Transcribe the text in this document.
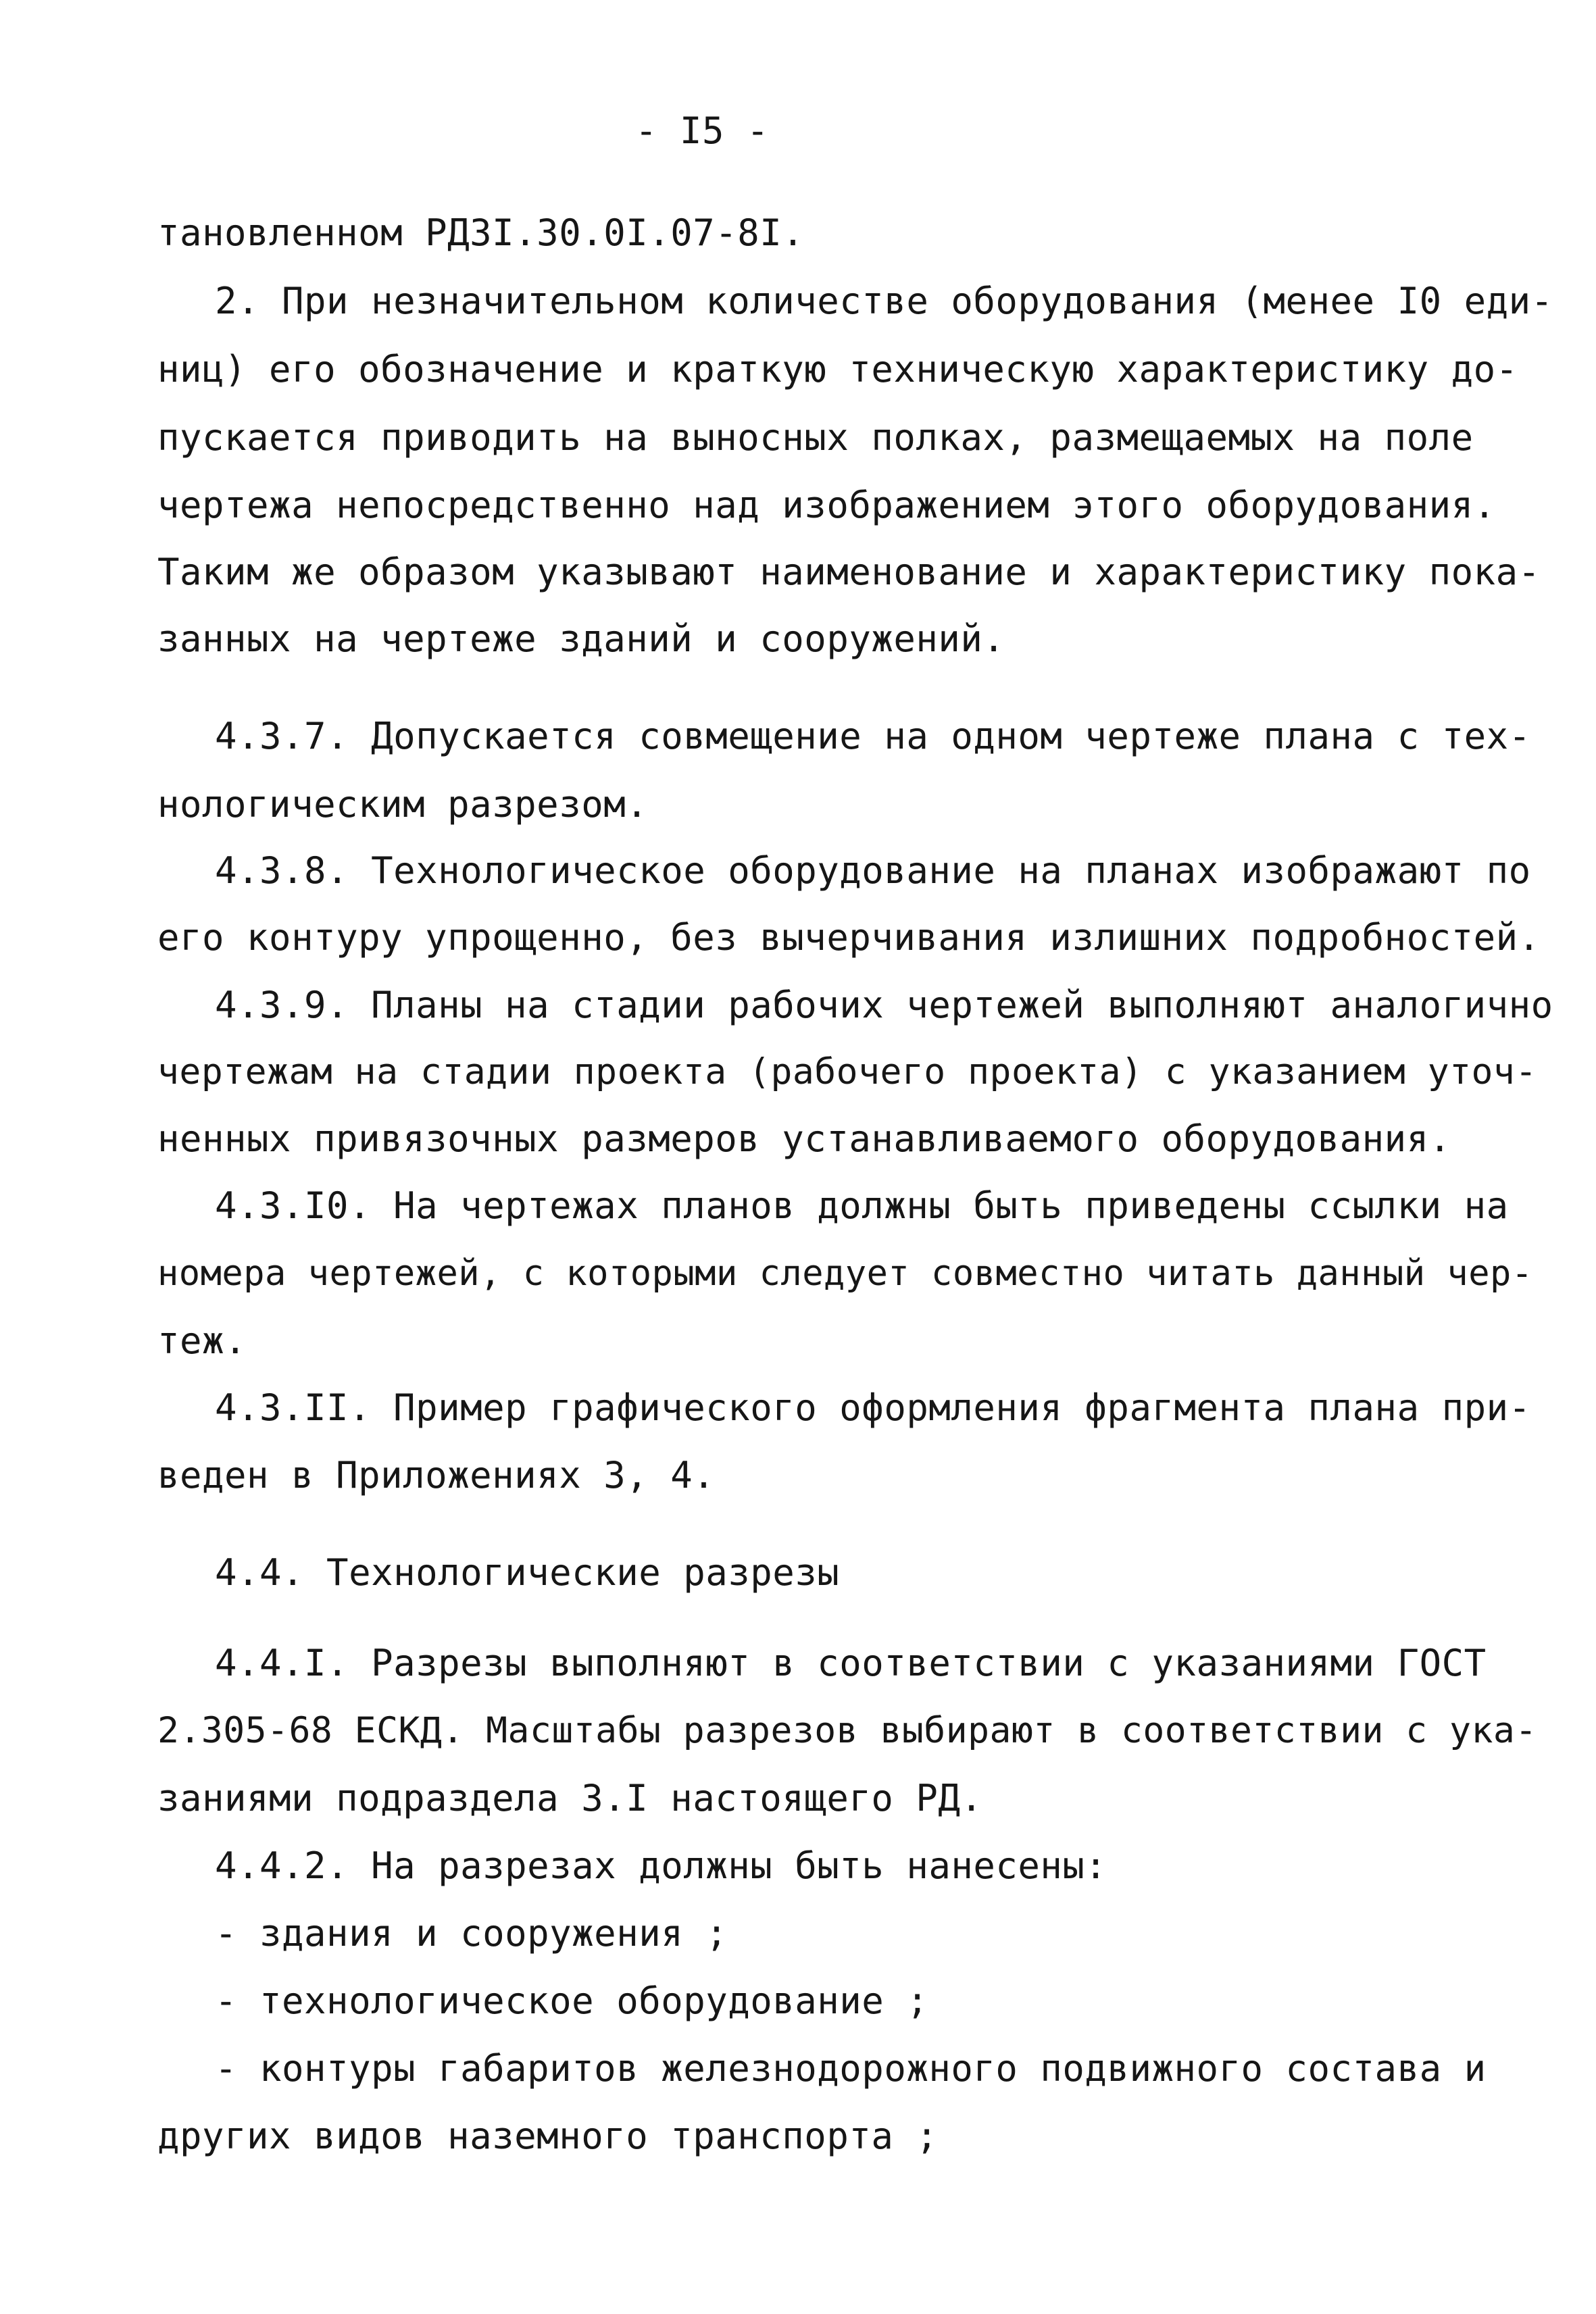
- I5 -
тановленном РДЗI.30.0I.07-8I.
2. При незначительном количестве оборудования (менее I0 еди-
ниц) его обозначение и краткую техническую характеристику до-
пускается приводить на выносных полках, размещаемых на поле
чертежа непосредственно над изображением этого оборудования.
Таким же образом указывают наименование и характеристику пока-
занных на чертеже зданий и сооружений.
4.3.7. Допускается совмещение на одном чертеже плана с тех-
нологическим разрезом.
4.3.8. Технологическое оборудование на планах изображают по
его контуру упрощенно, без вычерчивания излишних подробностей.
4.3.9. Планы на стадии рабочих чертежей выполняют аналогично
чертежам на стадии проекта (рабочего проекта) с указанием уточ-
ненных привязочных размеров устанавливаемого оборудования.
4.3.I0. На чертежах планов должны быть приведены ссылки на
номера чертежей, с которыми следует совместно читать данный чер-
теж.
4.3.II. Пример графического оформления фрагмента плана при-
веден в Приложениях 3, 4.
4.4. Технологические разрезы
4.4.I. Разрезы выполняют в соответствии с указаниями ГОСТ
2.305-68 ЕСКД. Масштабы разрезов выбирают в соответствии с ука-
заниями подраздела 3.I настоящего РД.
4.4.2. На разрезах должны быть нанесены:
- здания и сооружения ;
- технологическое оборудование ;
- контуры габаритов железнодорожного подвижного состава и
других видов наземного транспорта ;
